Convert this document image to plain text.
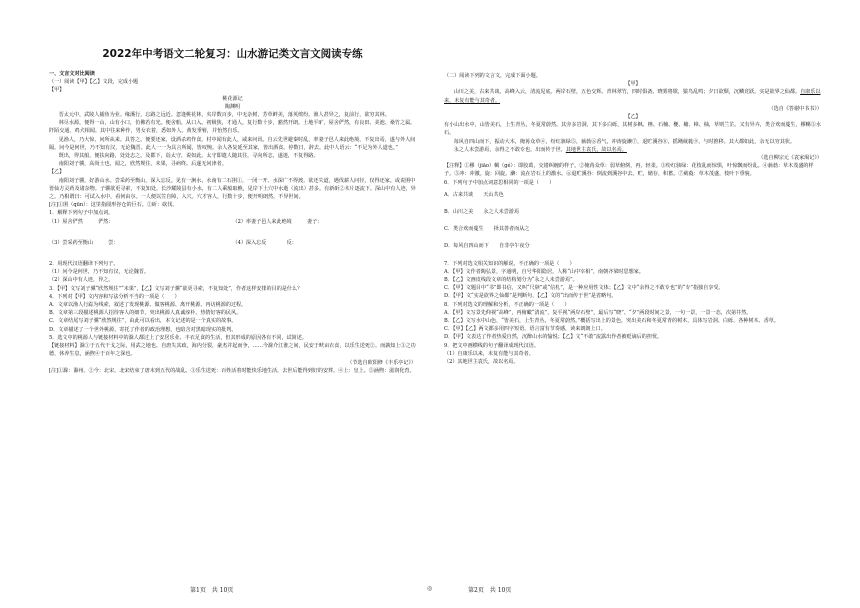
2022年中考语文二轮复习：山水游记类文言文阅读专练
一、文言文对比阅读
（一）阅读【甲】【乙】文段，完成小题
【甲】
桃花源记
陶渊明
晋太元中，武陵人捕鱼为业。缘溪行，忘路之远近。忽逢桃花林，夹岸数百步，中无杂树，芳草鲜美，落英缤纷。渔人甚异之，复前行，欲穷其林。
林尽水源，便得一山，山有小口，仿佛若有光。便舍船，从口入。初极狭，才通人。复行数十步，豁然开朗。土地平旷，屋舍俨然，有良田、美池、桑竹之属。阡陌交通，鸡犬相闻。其中往来种作，男女衣着，悉如外人。黄发垂髫，并怡然自乐。
见渔人，乃大惊，问所从来。具答之。便要还家，设酒杀鸡作食。村中闻有此人，咸来问讯。自云先世避秦时乱，率妻子邑人来此绝境，不复出焉，遂与外人间隔。问今是何世，乃不知有汉，无论魏晋。此人一一为具言所闻，皆叹惋。余人各复延至其家，皆出酒食。停数日，辞去。此中人语云：“不足为外人道也。”
既出，得其船，便扶向路，处处志之。及郡下，诣太守，说如此。太守即遣人随其往，寻向所志，遂迷，不复得路。
南阳刘子骥，高尚士也，闻之，欣然规往。未果，寻病终。后遂无问津者。
【乙】
南阳刘子骥，好游山水。尝采药至衡山，深入忘反。见有一涧水，水南有二石囷①，一闭一开。水深广不得渡。欲还失道，遇伐薪人问径，仅得还家。或说囷中皆仙方灵药及诸杂物。子骥欲更寻索，不复知处。长沙耀陵县有小水，有二人乘船取樵，见岸下土穴中水逝（流出）甚多。有新斫②木片逐流下。深山中有人迹，异之。乃相谓曰：可试入水中，看何由尔。一人便以笠自障，入穴。穴才容人，行数十步，便开明朗然，不异世间。
[注]①囷（qūn）：这里指圆形谷仓的巨石。②斫：砍伐。
1．解释下列句子中加点词。
（1）屋舍俨然　　　俨然：	（2）率妻子邑人来此绝境　　　妻子：
（3）尝采药至衡山　　　尝：	（4）深入忘反　　　　反：
2．用现代汉语翻译下列句子。
（1）问今是何世，乃不知有汉，无论魏晋。
（2）深山中有人迹，异之。
3．【甲】文写刘子骥“欣然规往”“未果”，【乙】文写刘子骥“欲更寻索，不复知处”，作者这样安排的目的是什么？
4．下列对【甲】文内容和写法分析不当的一项是（　　）
A．文章以渔人行踪为线索，叙述了发现桃源、做客桃源、离开桃源、再访桃源的过程。
B．文章第三段描述桃源人招待客人的细节，突出桃源人真诚淳朴、热情好客的民风。
C．文章结尾写刘子骥“欣然规往”，由此可以看出，本文记述的是一个真实的故事。
D．文章描述了一个世外桃源，寄托了作者的政治理想，也暗含对黑暗现实的批判。
5．选文中的桃源人与链接材料中的滁人都过上了安居乐业、丰衣足食的生活，但其形成的原因各有不同，试简述。
【链接材料】滁①于五代干戈之际，用武之地也。自唐失其政，海内分裂，豪杰并起而争，……今滁介江淮之间，民安于畎亩衣食，以乐生送死②。而孰知上③之功德，休养生息，涵煦④于百年之深也。
（节选自欧阳修《丰乐亭记》）
[注]①滁：滁州。②今：北宋。北宋结束了唐末到五代的战乱。③乐生送死：百姓活着时能快乐地生活，去世后能得到好的安葬。④上：皇上。⑤涵煦：滋润化育。
（二）阅读下列的文言文，完成下面小题。
【甲】
山川之美，古来共谈。高峰入云，清流见底。两岸石壁，五色交辉。青林翠竹，四时俱备。晓雾将歇，猿鸟乱鸣；夕日欲颓，沉鳞竞跃。实是欲界之仙都。自康乐以来，未复有能与其奇者。
（选自《答谢中书书》）
【乙】
有小山出水中，山皆美石，上生青丛，冬夏常蔚然。其旁多岩洞，其下多白砾，其树多枫、柟、石楠、楩、槠、樟、柚，草则兰芷。又有异卉，类合欢而蔓生，樛轕③水石。
每风自四山而下，振动大木，掩苒众草④，纷红骇绿⑤，蓊葧⑥香气，冲涛旋濑⑦，退贮溪谷⑧，摇飏葳蕤⑨，与时推移。其大都如此，余无以穷其状。
永之人未尝游焉，余得之不敢专也，出而传于世。其地世主袁氏，故以名焉。
（选自柳宗元《袁家渴记》）
【注释】①樛（jiāo）轕（gé）：即胶葛，交错纠缠的样子。②掩苒众草：弱草俯倒，再，轻柔。③纷红骇绿：花枝乱而惊惧，叶惊飘而纷乱。④蓊葧：草木茂盛的样子。⑤冲：冲激。旋：回旋。濑：流在岩石上的激水。⑥退贮溪谷：倒流到溪谷中去。贮，储存，积蓄。⑦葳蕤：草木茂盛，枝叶下垂貌。
6．下列句子中加点词意思相同的一项是（　　）
A．古来共谈　　天山共色
B．山川之美　　永之人未尝游焉
C．类合欢而蔓生　　择其善者而从之
D．每风自四山而下　　自非亭午夜分
7．下列对选文相关知识的解说，不正确的一项是（　　）
A．【甲】文作者陶弘景，字通明，自号华阳隐居，人称“山中宰相”，南朝齐梁时思想家。
B．【乙】文画皮线段文章的结构划分为“永之人未尝游焉”。
C．【甲】文题目中“书”即书信，又叫“尺牍”或“信札”，是一种应用性文体；【乙】文中“余得之不敢专也”的“专”指独自享受。
D．【甲】文“实是欲界之仙都”是判断句，【乙】文的“出而传于世”是省略句。
8．下列对选文的理解和分析，不正确的一项是（　　）
A．【甲】文写景先仰视“高峰”，再俯瞰“清流”，复平视“两岸石壁”，最后写“晓”、“夕”两段时间之景，一句一景，一景一态，次第井然。
B．【乙】文写水中山色，“皆美石，上生青丛，冬夏常蔚然。”概括写出上的景色，突出美石和冬夏常青的树木，具体写岩洞、白砾、各种树木、香草。
C．【甲】【乙】两文都多用四字短语，语言富有节奏感，读来朗朗上口。
D．【甲】文表达了作者热爱自然，沉醉山水的愉悦；【乙】文“不敢”流露出作者被贬谪后的担忧。
9．把文中画横线的句子翻译成现代汉语。
（1）自康乐以来，未复有能与其奇者。
（2）其地世主袁氏，故以名焉。
第1页　共 10页	◎	第2页　共 10页
